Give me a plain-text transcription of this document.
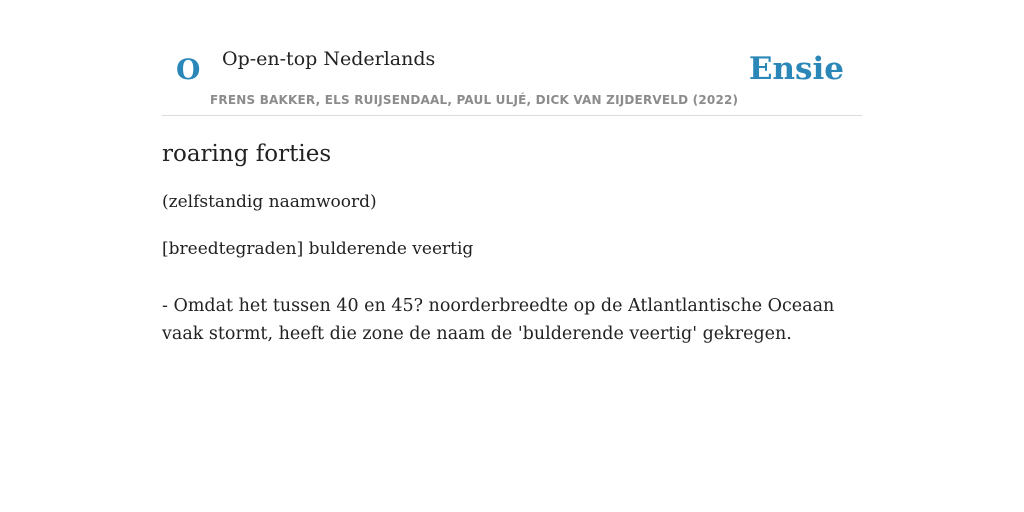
O Op-en-top Nederlands
FRENS BAKKER, ELS RUIJSENDAAL, PAUL ULJÉ, DICK VAN ZIJDERVELD (2022)
Ensie
roaring forties

(zelfstandig naamwoord)

[breedtegraden] bulderende veertig

- Omdat het tussen 40 en 45? noorderbreedte op de Atlantlantische Oceaan vaak stormt, heeft die zone de naam de 'bulderende veertig' gekregen.
